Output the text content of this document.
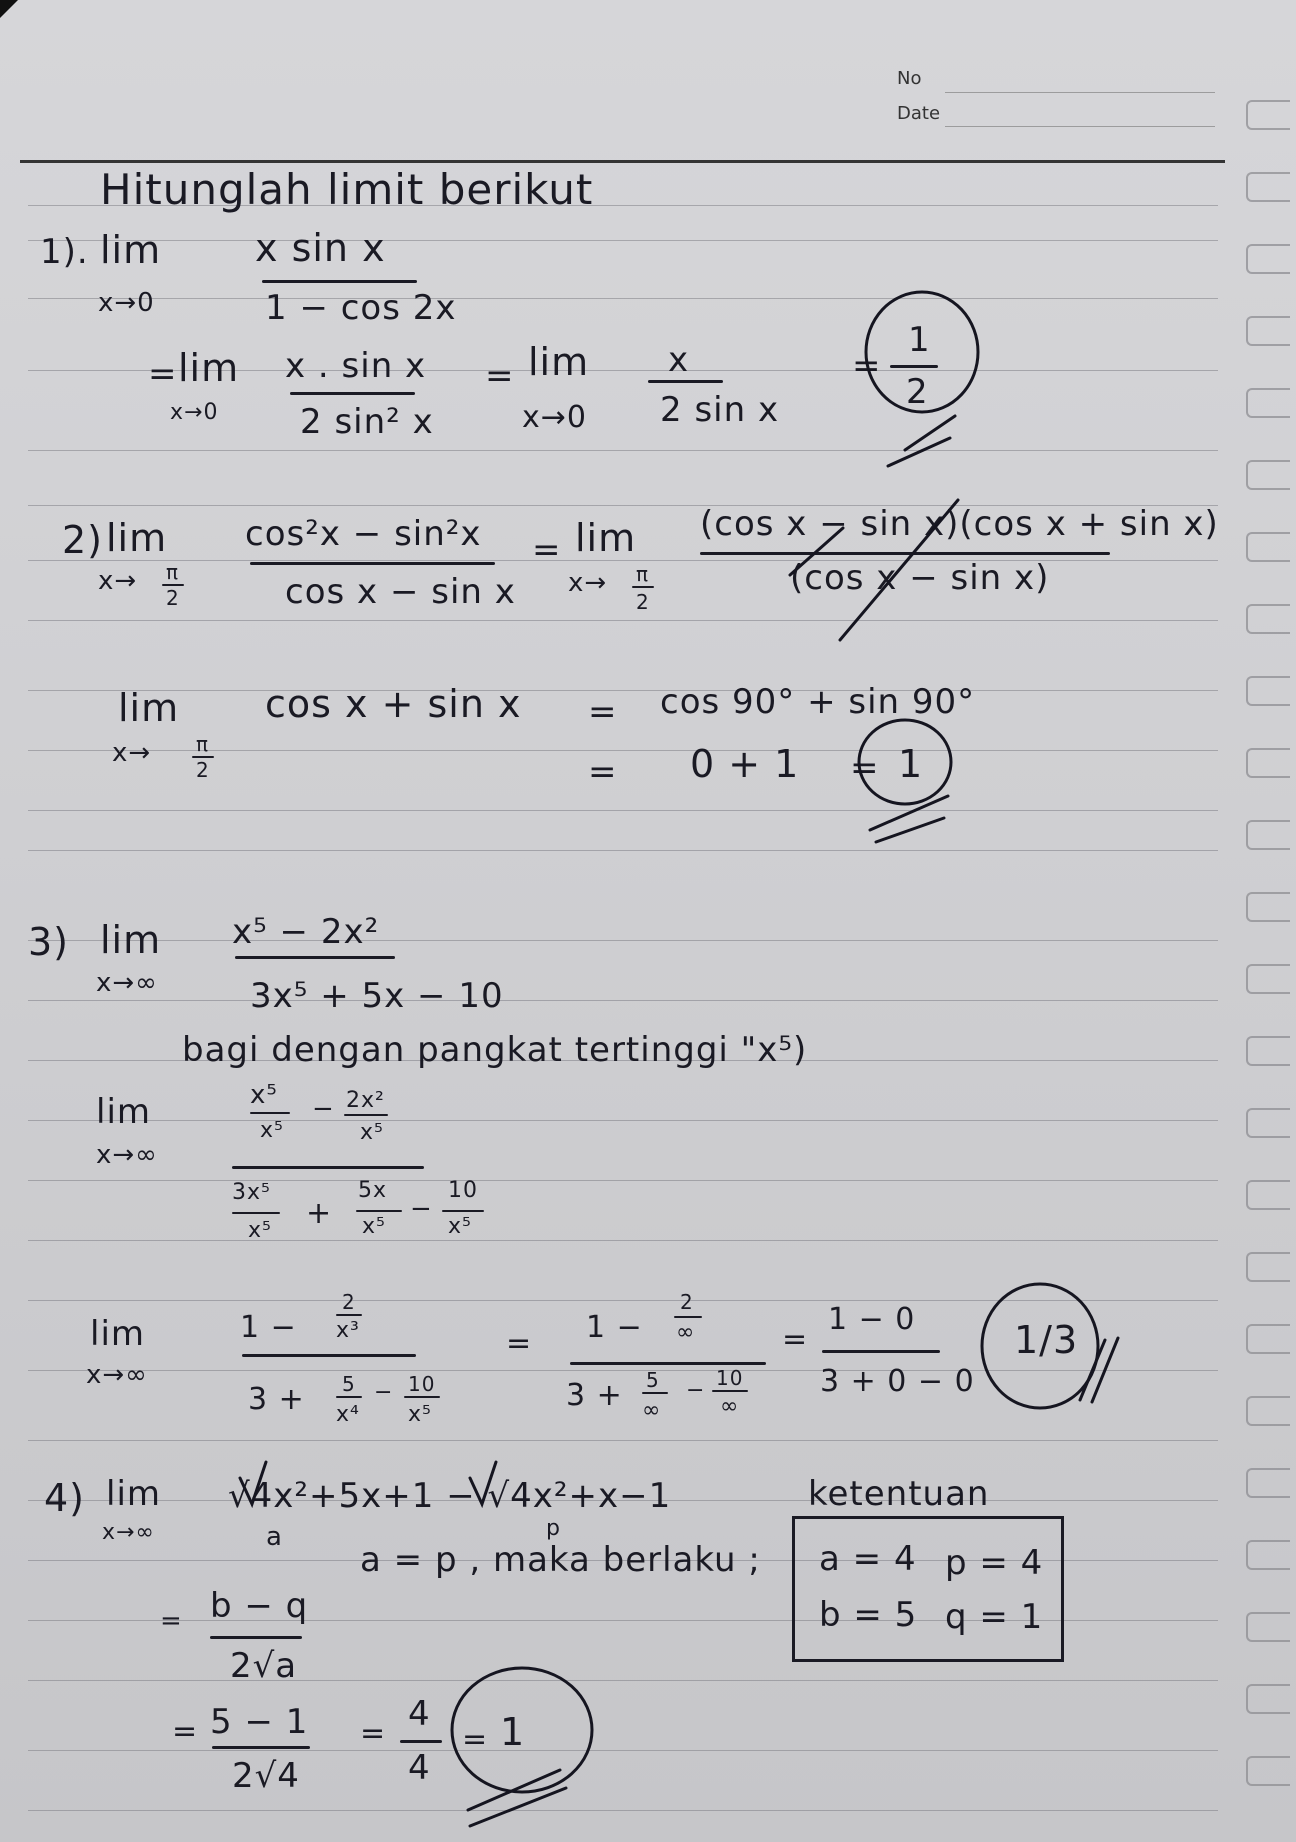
No
Date
Hitunglah limit berikut
1). lim
x→0
x sin x
1 − cos 2x
= lim
x→0
x . sin x
2 sin² x
= lim
x→0
x
2 sin x
=
1
2
2) lim
x→ π
2
cos²x − sin²x
cos x − sin x
= lim
x→ π
2
(cos x − sin x)(cos x + sin x)
(cos x − sin x)
lim
x→ π
2
cos x + sin x = cos 90° + sin 90°
= 0 + 1 = 1
3) lim
x→∞
x⁵ − 2x²
3x⁵ + 5x − 10
bagi dengan pangkat tertinggi "x⁵)
lim
x→∞
x⁵
x⁵
− 2x²
x⁵
3x⁵
x⁵ +
5x
x⁵
−
10
x⁵
lim
x→∞
1 −
2
x³
3 + 5
x⁴
− 10
x⁵
= 1 −
2
∞
3 + 5
∞
− 10
∞
=
1 − 0
3 + 0 − 0
1/3
4) lim
x→∞
√4x²+5x+1 − √4x²+x−1
a	p
a = p , maka berlaku ;
ketentuan
a = 4 p = 4
b = 5 q = 1
= b − q
2√a
= 5 − 1
2√4
= 4
4
= 1
